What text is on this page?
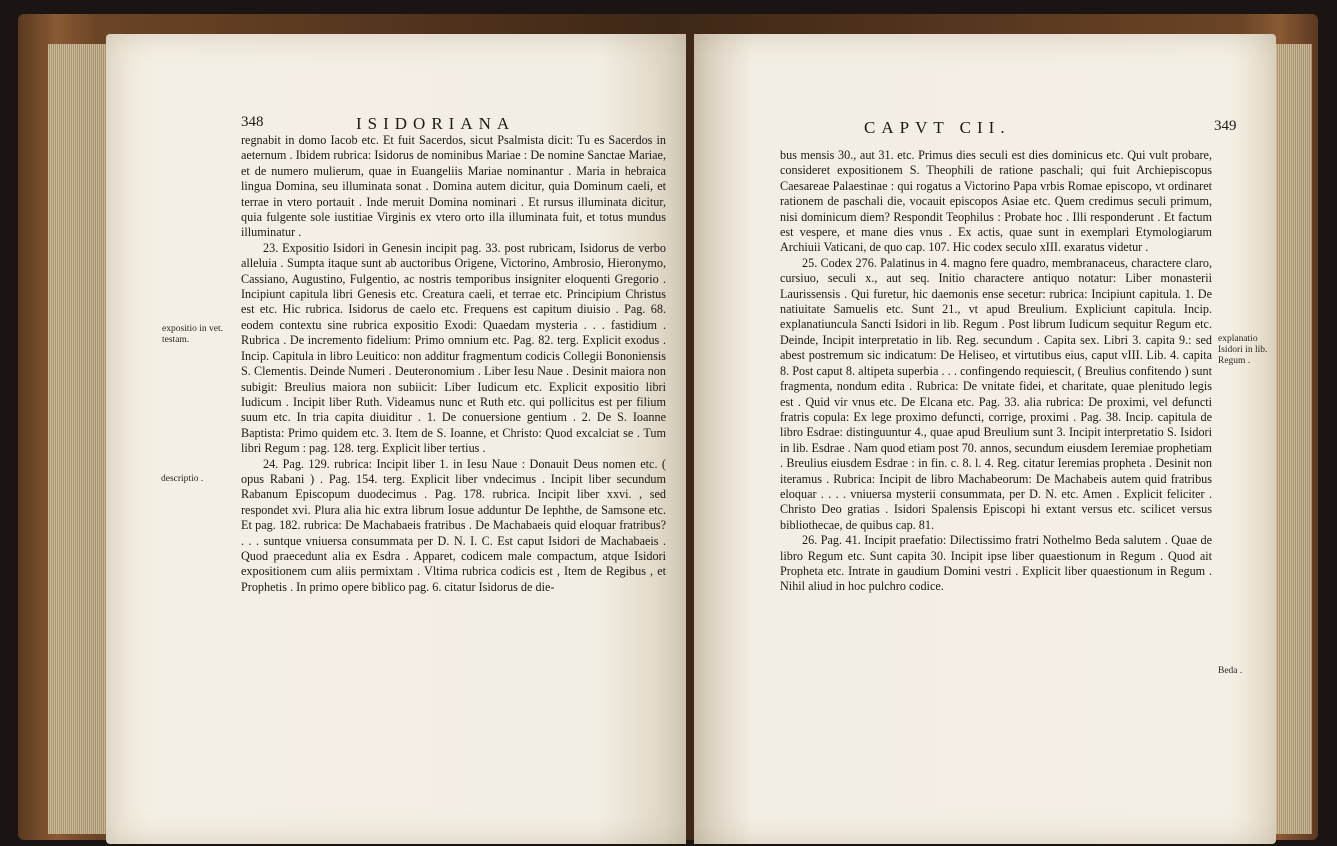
348	ISIDORIANA
expositio in vet. testam.
descriptio .

regnabit in domo Iacob etc. Et fuit Sacerdos, sicut Psalmista dicit: Tu es Sacerdos in aeternum . Ibidem rubrica: Isidorus de nominibus Mariae : De nomine Sanctae Mariae, et de numero mulierum, quae in Euangeliis Mariae nominantur . Maria in hebraica lingua Domina, seu illuminata sonat . Domina autem dicitur, quia Dominum caeli, et terrae in vtero portauit . Inde meruit Domina nominari . Et rursus illuminata dicitur, quia fulgente sole iustitiae Virginis ex vtero orto illa illuminata fuit, et totus mundus illuminatur .

23. Expositio Isidori in Genesin incipit pag. 33. post rubricam, Isidorus de verbo alleluia . Sumpta itaque sunt ab auctoribus Origene, Victorino, Ambrosio, Hieronymo, Cassiano, Augustino, Fulgentio, ac nostris temporibus insigniter eloquenti Gregorio . Incipiunt capitula libri Genesis etc. Creatura caeli, et terrae etc. Principium Christus est etc. Hic rubrica. Isidorus de caelo etc. Frequens est capitum diuisio . Pag. 68. eodem contextu sine rubrica expositio Exodi: Quaedam mysteria . . . fastidium . Rubrica . De incremento fidelium: Primo omnium etc. Pag. 82. terg. Explicit exodus . Incip. Capitula in libro Leuitico: non additur fragmentum codicis Collegii Bononiensis S. Clementis. Deinde Numeri . Deuteronomium . Liber Iesu Naue . Desinit maiora non subigit: Breulius maiora non subiicit: Liber Iudicum etc. Explicit expositio libri Iudicum . Incipit liber Ruth. Videamus nunc et Ruth etc. qui pollicitus est per filium suum etc. In tria capita diuiditur . 1. De conuersione gentium . 2. De S. Ioanne Baptista: Primo quidem etc. 3. Item de S. Ioanne, et Christo: Quod excalciat se . Tum libri Regum : pag. 128. terg. Explicit liber tertius .

24. Pag. 129. rubrica: Incipit liber 1. in Iesu Naue : Donauit Deus nomen etc. ( opus Rabani ) . Pag. 154. terg. Explicit liber vndecimus . Incipit liber secundum Rabanum Episcopum duodecimus . Pag. 178. rubrica. Incipit liber xxvi. , sed respondet xvi. Plura alia hic extra librum Iosue adduntur De Iephthe, de Samsone etc. Et pag. 182. rubrica: De Machabaeis fratribus . De Machabaeis quid eloquar fratribus? . . . suntque vniuersa consummata per D. N. I. C. Est caput Isidori de Machabaeis . Quod praecedunt alia ex Esdra . Apparet, codicem male compactum, atque Isidori expositionem cum aliis permixtam . Vltima rubrica codicis est , Item de Regibus , et Prophetis . In primo opere biblico pag. 6. citatur Isidorus de die-

CAPVT CII.	349
explanatio Isidori in lib. Regum .
Beda .

bus mensis 30., aut 31. etc. Primus dies seculi est dies dominicus etc. Qui vult probare, consideret expositionem S. Theophili de ratione paschali; qui fuit Archiepiscopus Caesareae Palaestinae : qui rogatus a Victorino Papa vrbis Romae episcopo, vt ordinaret rationem de paschali die, vocauit episcopos Asiae etc. Quem credimus seculi primum, nisi dominicum diem? Respondit Teophilus : Probate hoc . Illi responderunt . Et factum est vespere, et mane dies vnus . Ex actis, quae sunt in exemplari Etymologiarum Archiuii Vaticani, de quo cap. 107. Hic codex seculo xIII. exaratus videtur .

25. Codex 276. Palatinus in 4. magno fere quadro, membranaceus, charactere claro, cursiuo, seculi x., aut seq. Initio charactere antiquo notatur: Liber monasterii Laurissensis . Qui furetur, hic daemonis ense secetur: rubrica: Incipiunt capitula. 1. De natiuitate Samuelis etc. Sunt 21., vt apud Breulium. Expliciunt capitula. Incip. explanatiuncula Sancti Isidori in lib. Regum . Post librum Iudicum sequitur Regum etc. Deinde, Incipit interpretatio in lib. Reg. secundum . Capita sex. Libri 3. capita 9.: sed abest postremum sic indicatum: De Heliseo, et virtutibus eius, caput vIII. Lib. 4. capita 8. Post caput 8. altipeta superbia . . . confingendo requiescit, ( Breulius confitendo ) sunt fragmenta, nondum edita . Rubrica: De vnitate fidei, et charitate, quae plenitudo legis est . Quid vir vnus etc. De Elcana etc. Pag. 33. alia rubrica: De proximi, vel defuncti fratris copula: Ex lege proximo defuncti, corrige, proximi . Pag. 38. Incip. capitula de libro Esdrae: distinguuntur 4., quae apud Breulium sunt 3. Incipit interpretatio S. Isidori in lib. Esdrae . Nam quod etiam post 70. annos, secundum eiusdem Ieremiae prophetiam . Breulius eiusdem Esdrae : in fin. c. 8. l. 4. Reg. citatur Ieremias propheta . Desinit non iteramus . Rubrica: Incipit de libro Machabeorum: De Machabeis autem quid fratribus eloquar . . . . vniuersa mysterii consummata, per D. N. etc. Amen . Explicit feliciter . Christo Deo gratias . Isidori Spalensis Episcopi hi extant versus etc. scilicet versus bibliothecae, de quibus cap. 81.

26. Pag. 41. Incipit praefatio: Dilectissimo fratri Nothelmo Beda salutem . Quae de libro Regum etc. Sunt capita 30. Incipit ipse liber quaestionum in Regum . Quod ait Propheta etc. Intrate in gaudium Domini vestri . Explicit liber quaestionum in Regum . Nihil aliud in hoc pulchro codice.
